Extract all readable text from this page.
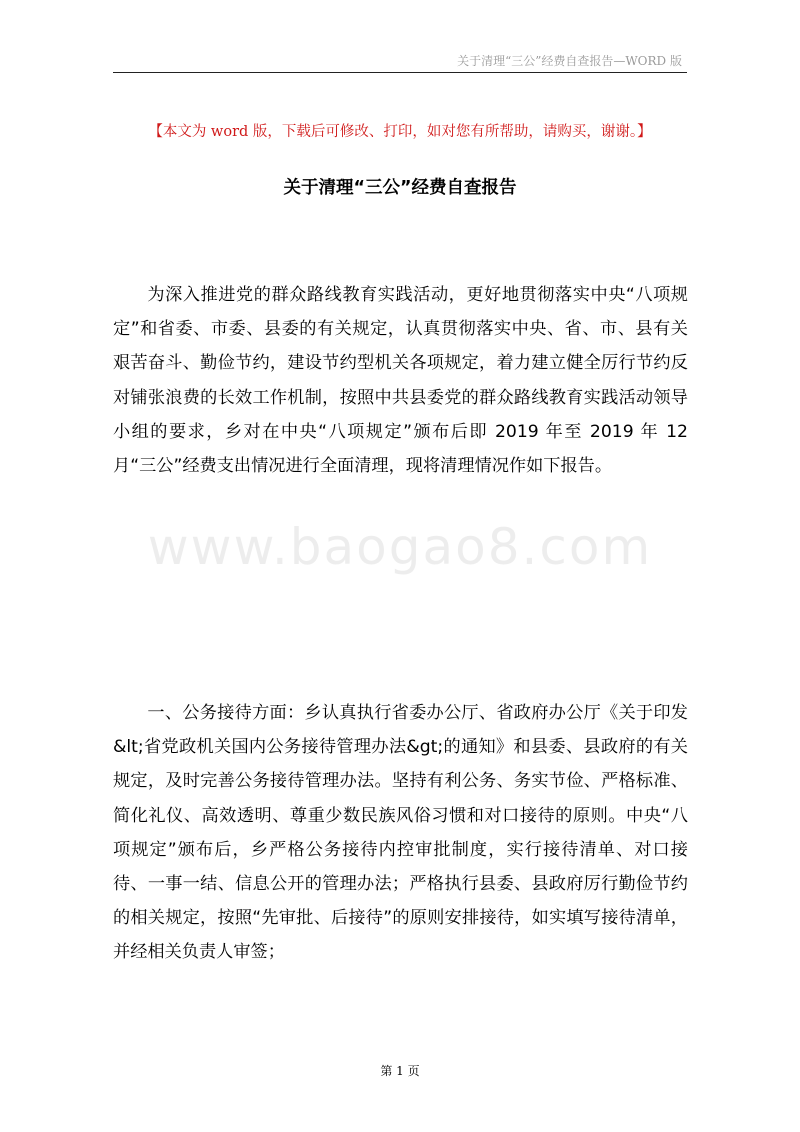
关于清理“三公”经费自查报告—WORD 版
【本文为 word 版，下载后可修改、打印，如对您有所帮助，请购买，谢谢。】
关于清理“三公”经费自查报告

为深入推进党的群众路线教育实践活动，更好地贯彻落实中央“八项规定”和省委、市委、县委的有关规定，认真贯彻落实中央、省、市、县有关艰苦奋斗、勤俭节约，建设节约型机关各项规定，着力建立健全厉行节约反对铺张浪费的长效工作机制，按照中共县委党的群众路线教育实践活动领导小组的要求，乡对在中央“八项规定”颁布后即 2019 年至 2019 年 12 月“三公”经费支出情况进行全面清理，现将清理情况作如下报告。

www.baogao8.com

一、公务接待方面：乡认真执行省委办公厅、省政府办公厅《关于印发&lt;省党政机关国内公务接待管理办法&gt;的通知》和县委、县政府的有关规定，及时完善公务接待管理办法。坚持有利公务、务实节俭、严格标准、简化礼仪、高效透明、尊重少数民族风俗习惯和对口接待的原则。中央“八项规定”颁布后，乡严格公务接待内控审批制度，实行接待清单、对口接待、一事一结、信息公开的管理办法；严格执行县委、县政府厉行勤俭节约的相关规定，按照“先审批、后接待”的原则安排接待，如实填写接待清单，并经相关负责人审签；

第 1 页
